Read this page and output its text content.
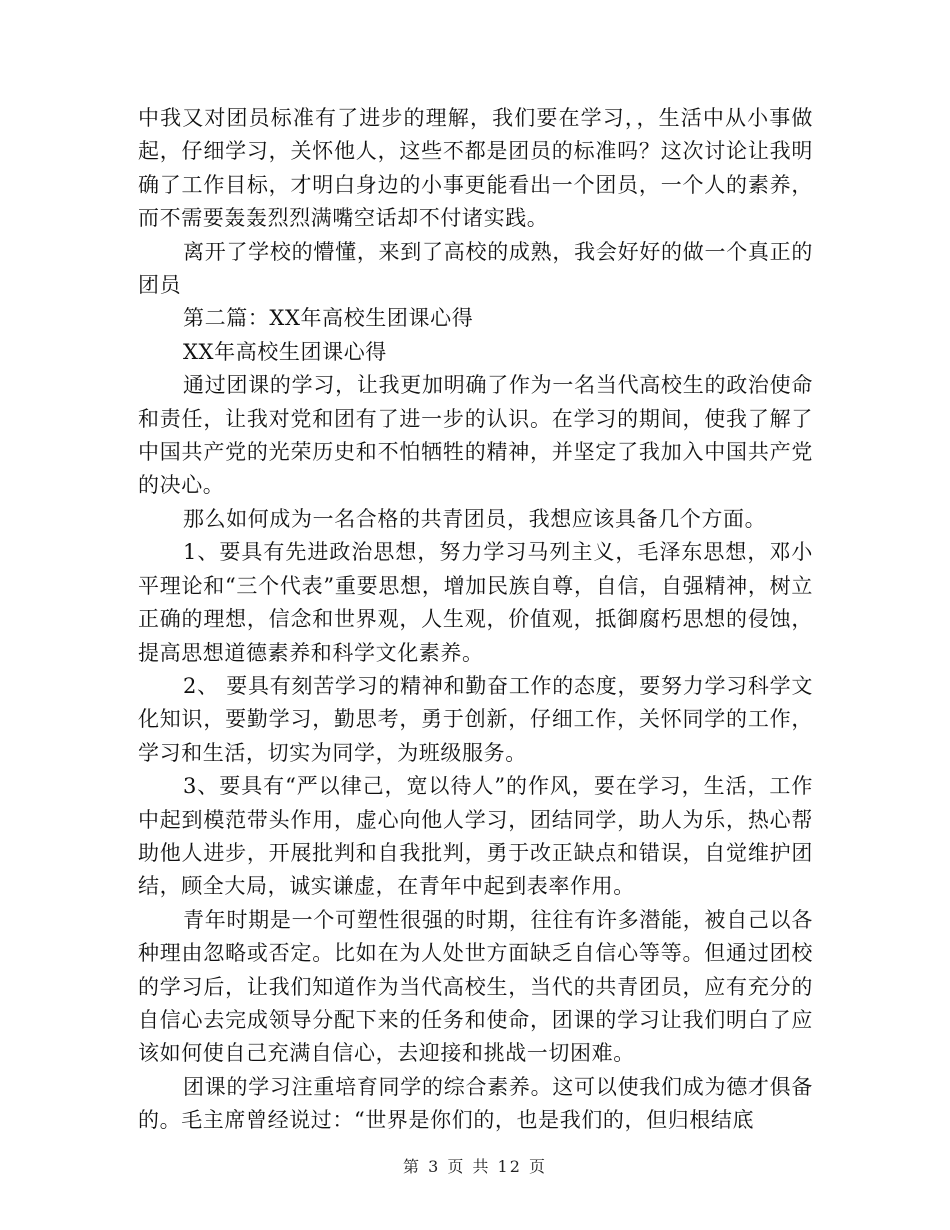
中我又对团员标准有了进步的理解，我们要在学习，，生活中从小事做起，仔细学习，关怀他人，这些不都是团员的标准吗？这次讨论让我明确了工作目标，才明白身边的小事更能看出一个团员，一个人的素养，而不需要轰轰烈烈满嘴空话却不付诸实践。

离开了学校的懵懂，来到了高校的成熟，我会好好的做一个真正的团员

第二篇：XX年高校生团课心得

XX年高校生团课心得

通过团课的学习，让我更加明确了作为一名当代高校生的政治使命和责任，让我对党和团有了进一步的认识。在学习的期间，使我了解了中国共产党的光荣历史和不怕牺牲的精神，并坚定了我加入中国共产党的决心。

那么如何成为一名合格的共青团员，我想应该具备几个方面。

1、要具有先进政治思想，努力学习马列主义，毛泽东思想，邓小平理论和“三个代表”重要思想，增加民族自尊，自信，自强精神，树立正确的理想，信念和世界观，人生观，价值观，抵御腐朽思想的侵蚀，提高思想道德素养和科学文化素养。

2、 要具有刻苦学习的精神和勤奋工作的态度，要努力学习科学文化知识，要勤学习，勤思考，勇于创新，仔细工作，关怀同学的工作，学习和生活，切实为同学，为班级服务。

3、要具有“严以律己，宽以待人”的作风，要在学习，生活，工作中起到模范带头作用，虚心向他人学习，团结同学，助人为乐，热心帮助他人进步，开展批判和自我批判，勇于改正缺点和错误，自觉维护团结，顾全大局，诚实谦虚，在青年中起到表率作用。

青年时期是一个可塑性很强的时期，往往有许多潜能，被自己以各种理由忽略或否定。比如在为人处世方面缺乏自信心等等。但通过团校的学习后，让我们知道作为当代高校生，当代的共青团员，应有充分的自信心去完成领导分配下来的任务和使命，团课的学习让我们明白了应该如何使自己充满自信心，去迎接和挑战一切困难。

团课的学习注重培育同学的综合素养。这可以使我们成为德才俱备的。毛主席曾经说过：“世界是你们的，也是我们的，但归根结底

第 3 页 共 12 页
